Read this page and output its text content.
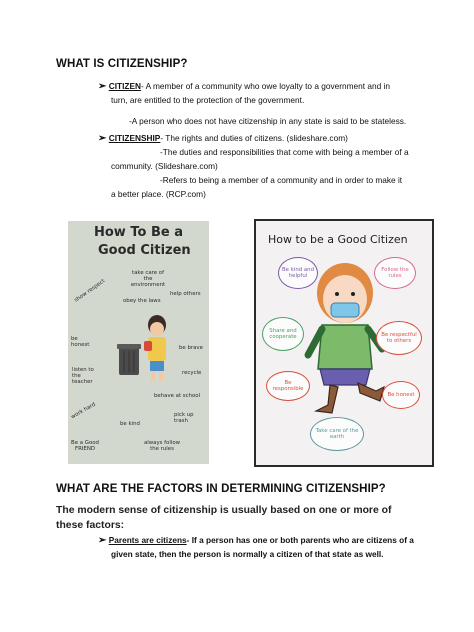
WHAT IS CITIZENSHIP?
➢ CITIZEN- A member of a community who owe loyalty to a government and in
turn, are entitled to the protection of the government.
-A person who does not have citizenship in any state is said to be stateless.
➢ CITIZENSHIP- The rights and duties of citizens. (slideshare.com)
-The duties and responsibilities that come with being a member of a
community. (Slideshare.com)
-Refers to being a member of a community and in order to make it
a better place. (RCP.com)
How To Be a
Good Citizen
take care of the environment
show respect	help others
obey the laws
be honest	be brave
listen to the teacher
recycle
behave at school
work hard
be kind
pick up trash
Be a Good FRIEND
always follow the rules
How to be a Good Citizen
Be kind and helpful
Follow the rules
Share and cooperate	Be respectful to others
Be responsible
Be honest
Take care of the earth
WHAT ARE THE FACTORS IN DETERMINING CITIZENSHIP?
The modern sense of citizenship is usually based on one or more of
these factors:
➢ Parents are citizens- If a person has one or both parents who are citizens of a
given state, then the person is normally a citizen of that state as well.
